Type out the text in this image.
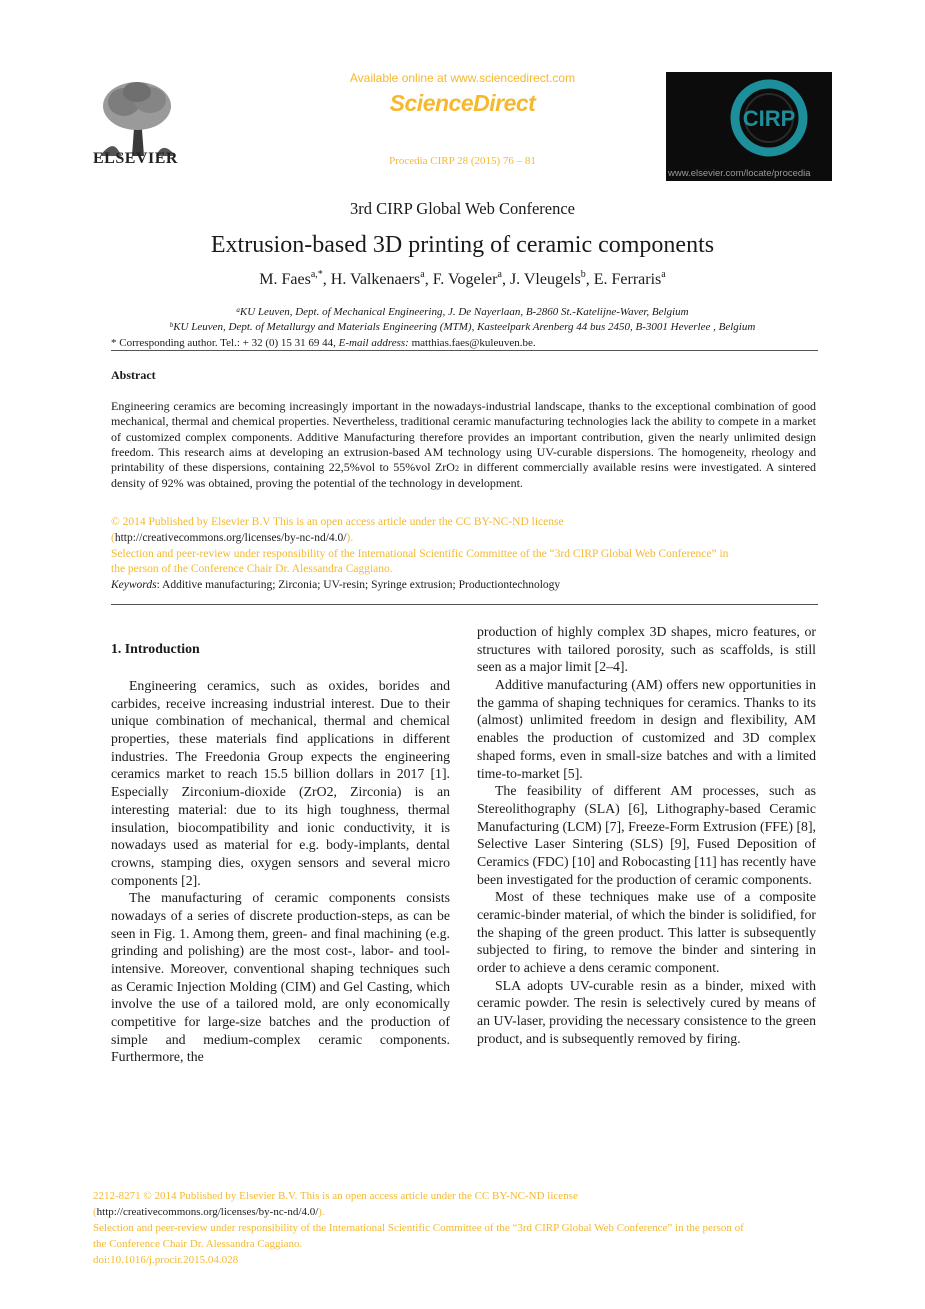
ELSEVIER
Available online at www.sciencedirect.com
ScienceDirect
Procedia CIRP 28 (2015) 76 – 81
CIRP
www.elsevier.com/locate/procedia
3rd CIRP Global Web Conference
Extrusion-based 3D printing of ceramic components
M. Faes$^{a,*}$, H. Valkenaers$^a$, F. Vogeler$^a$, J. Vleugels$^b$, E. Ferraris$^a$
$^a$KU Leuven, Dept. of Mechanical Engineering, J. De Nayerlaan, B-2860 St.-Katelijne-Waver, Belgium
$^b$KU Leuven, Dept. of Metallurgy and Materials Engineering (MTM), Kasteelpark Arenberg 44 bus 2450, B-3001 Heverlee , Belgium
* Corresponding author. Tel.: + 32 (0) 15 31 69 44, E-mail address: matthias.faes@kuleuven.be.
Abstract
Engineering ceramics are becoming increasingly important in the nowadays-industrial landscape, thanks to the exceptional combination of good mechanical, thermal and chemical properties. Nevertheless, traditional ceramic manufacturing technologies lack the ability to compete in a market of customized complex components. Additive Manufacturing therefore provides an important contribution, given the nearly unlimited design freedom. This research aims at developing an extrusion-based AM technology using UV-curable dispersions. The homogeneity, rheology and printability of these dispersions, containing 22,5%vol to 55%vol ZrO2 in different commercially available resins were investigated. A sintered density of 92% was obtained, proving the potential of the technology in development.
© 2014 Published by Elsevier B.V This is an open access article under the CC BY-NC-ND license
(http://creativecommons.org/licenses/by-nc-nd/4.0/).
Selection and peer-review under responsibility of the International Scientific Committee of the “3rd CIRP Global Web Conference” in
the person of the Conference Chair Dr. Alessandra Caggiano.
Keywords: Additive manufacturing; Zirconia; UV-resin; Syringe extrusion; Productiontechnology
1. Introduction

Engineering ceramics, such as oxides, borides and carbides, receive increasing industrial interest. Due to their unique combination of mechanical, thermal and chemical properties, these materials find applications in different industries. The Freedonia Group expects the engineering ceramics market to reach 15.5 billion dollars in 2017 [1]. Especially Zirconium-dioxide (ZrO2, Zirconia) is an interesting material: due to its high toughness, thermal insulation, biocompatibility and ionic conductivity, it is nowadays used as material for e.g. body-implants, dental crowns, stamping dies, oxygen sensors and several micro components [2].

The manufacturing of ceramic components consists nowadays of a series of discrete production-steps, as can be seen in Fig. 1. Among them, green- and final machining (e.g. grinding and polishing) are the most cost-, labor- and tool-intensive. Moreover, conventional shaping techniques such as Ceramic Injection Molding (CIM) and Gel Casting, which involve the use of a tailored mold, are only economically competitive for large-size batches and the production of simple and medium-complex ceramic components. Furthermore, the

production of highly complex 3D shapes, micro features, or structures with tailored porosity, such as scaffolds, is still seen as a major limit [2–4].

Additive manufacturing (AM) offers new opportunities in the gamma of shaping techniques for ceramics. Thanks to its (almost) unlimited freedom in design and flexibility, AM enables the production of customized and 3D complex shaped forms, even in small-size batches and with a limited time-to-market [5].

The feasibility of different AM processes, such as Stereolithography (SLA) [6], Lithography-based Ceramic Manufacturing (LCM) [7], Freeze-Form Extrusion (FFE) [8], Selective Laser Sintering (SLS) [9], Fused Deposition of Ceramics (FDC) [10] and Robocasting [11] has recently have been investigated for the production of ceramic components.

Most of these techniques make use of a composite ceramic-binder material, of which the binder is solidified, for the shaping of the green product. This latter is subsequently subjected to firing, to remove the binder and sintering in order to achieve a dens ceramic component.

SLA adopts UV-curable resin as a binder, mixed with ceramic powder. The resin is selectively cured by means of an UV-laser, providing the necessary consistence to the green product, and is subsequently removed by firing.

2212-8271 © 2014 Published by Elsevier B.V. This is an open access article under the CC BY-NC-ND license
(http://creativecommons.org/licenses/by-nc-nd/4.0/).
Selection and peer-review under responsibility of the International Scientific Committee of the “3rd CIRP Global Web Conference” in the person of
the Conference Chair Dr. Alessandra Caggiano.
doi:10.1016/j.procir.2015.04.028
